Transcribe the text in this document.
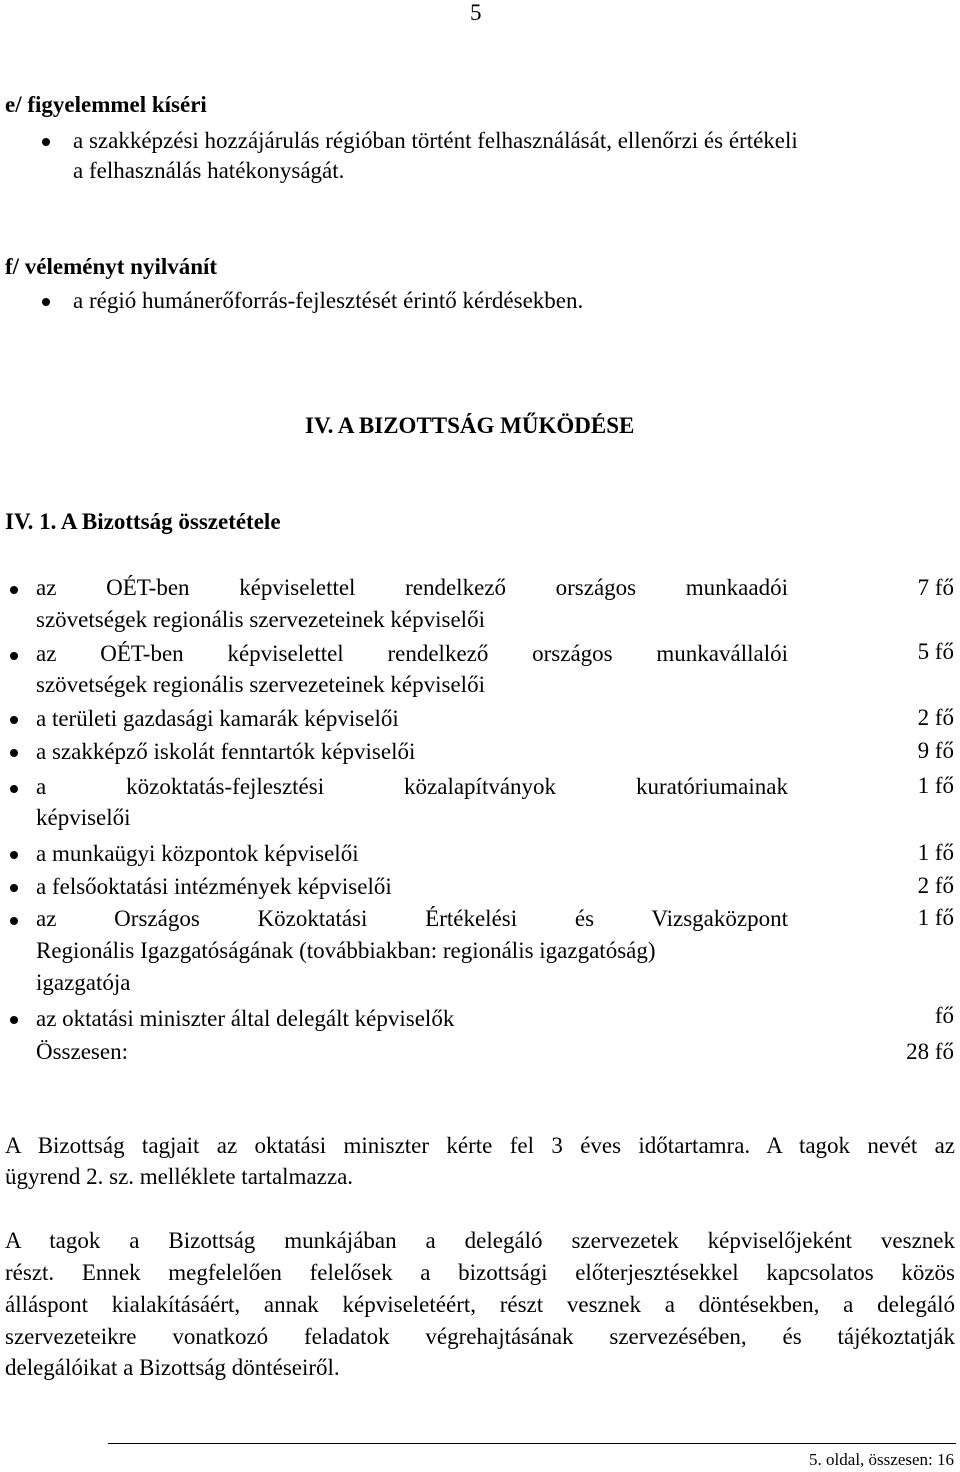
5
e/ figyelemmel kíséri
a szakképzési hozzájárulás régióban történt felhasználását, ellenőrzi és értékeli
a felhasználás hatékonyságát.
f/ véleményt nyilvánít
a régió humánerőforrás-fejlesztését érintő kérdésekben.
IV. A BIZOTTSÁG MŰKÖDÉSE
IV. 1. A Bizottság összetétele
az OÉT-ben képviselettel rendelkező országos munkaadói
szövetségek regionális szervezeteinek képviselői
7 fő
az OÉT-ben képviselettel rendelkező országos munkavállalói
szövetségek regionális szervezeteinek képviselői
5 fő
a területi gazdasági kamarák képviselői	2 fő
a szakképző iskolát fenntartók képviselői	9 fő
a közoktatás-fejlesztési közalapítványok kuratóriumainak
képviselői
1 fő
a munkaügyi központok képviselői	1 fő
a felsőoktatási intézmények képviselői	2 fő
az Országos Közoktatási Értékelési és Vizsgaközpont
Regionális Igazgatóságának (továbbiakban: regionális igazgatóság)
igazgatója
1 fő
az oktatási miniszter által delegált képviselők	fő
Összesen:	28 fő
A Bizottság tagjait az oktatási miniszter kérte fel 3 éves időtartamra. A tagok nevét az
ügyrend 2. sz. melléklete tartalmazza.
A tagok a Bizottság munkájában a delegáló szervezetek képviselőjeként vesznek
részt. Ennek megfelelően felelősek a bizottsági előterjesztésekkel kapcsolatos közös
álláspont kialakításáért, annak képviseletéért, részt vesznek a döntésekben, a delegáló
szervezeteikre vonatkozó feladatok végrehajtásának szervezésében, és tájékoztatják
delegálóikat a Bizottság döntéseiről.
5. oldal, összesen: 16
